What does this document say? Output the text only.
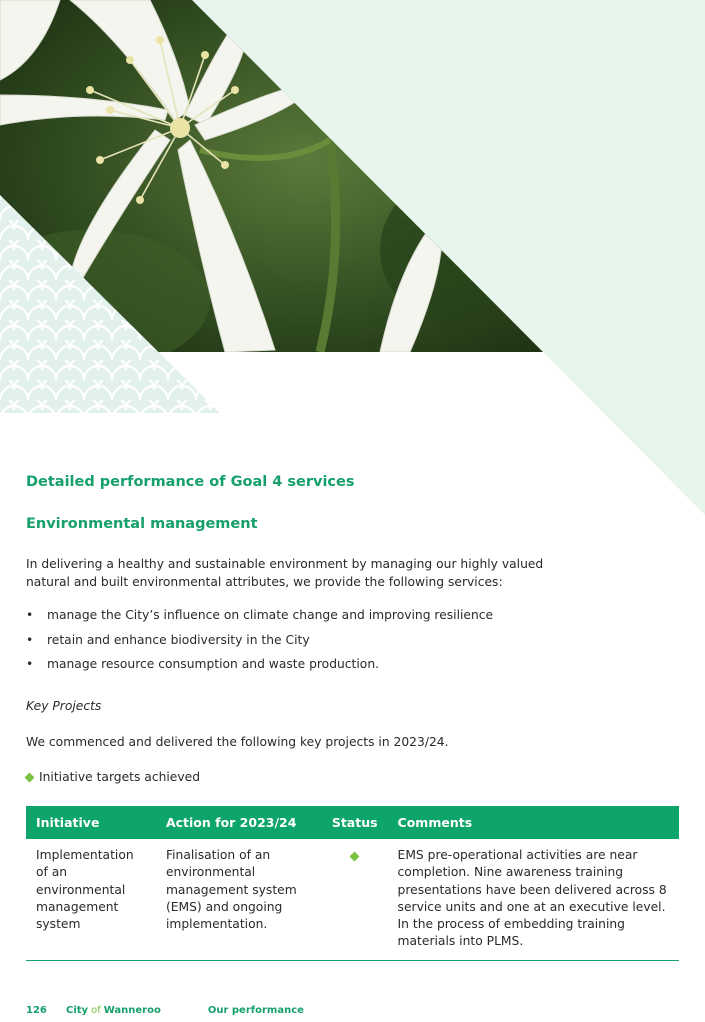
Detailed performance of Goal 4 services
Environmental management
In delivering a healthy and sustainable environment by managing our highly valued natural and built environmental attributes, we provide the following services:
• manage the City’s influence on climate change and improving resilience
• retain and enhance biodiversity in the City
• manage resource consumption and waste production.
Key Projects
We commenced and delivered the following key projects in 2023/24.
Initiative targets achieved
Initiative	Action for 2023/24	Status	Comments
Implementation of an environmental management system	Finalisation of an environmental management system (EMS) and ongoing implementation.		EMS pre-operational activities are near completion. Nine awareness training presentations have been delivered across 8 service units and one at an executive level. In the process of embedding training materials into PLMS.
126	City of Wanneroo	Our performance
